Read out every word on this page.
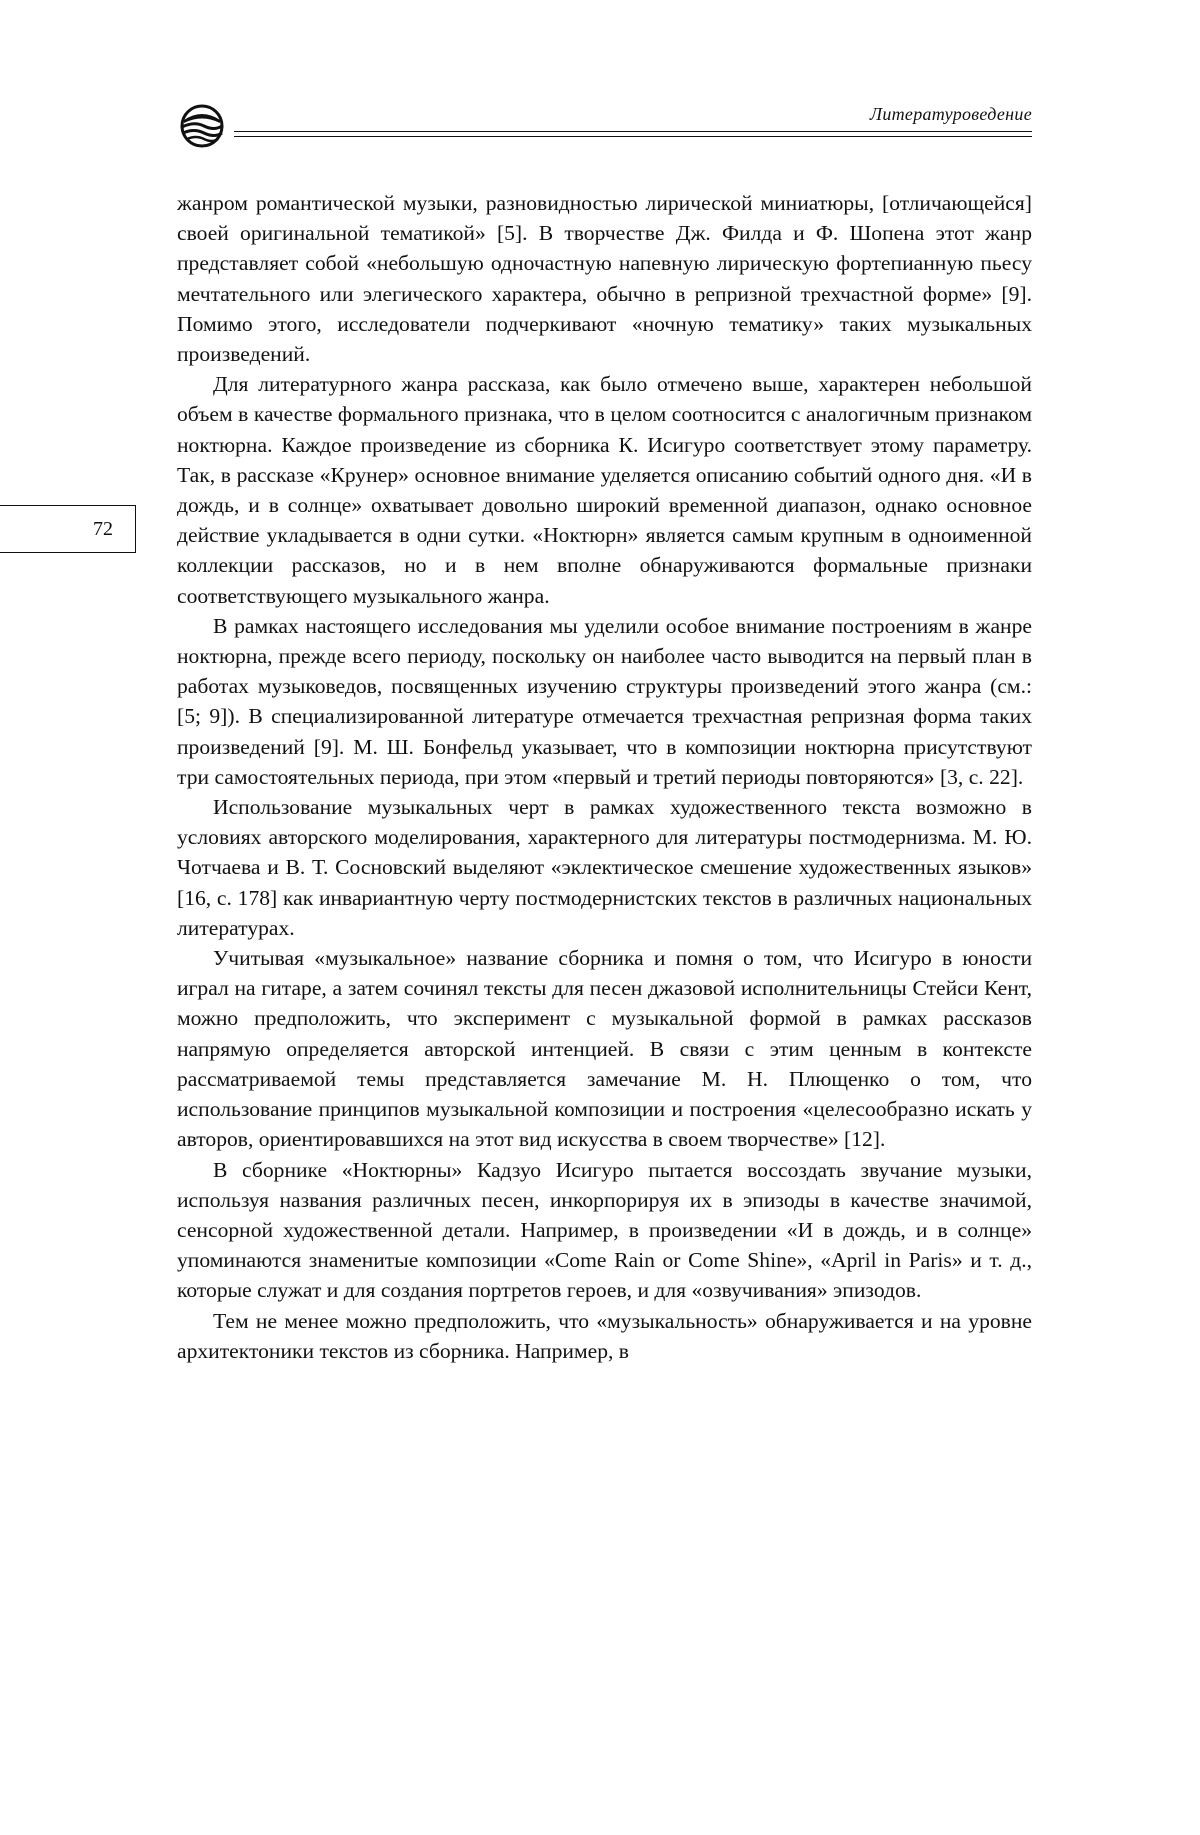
Литературоведение
72

жанром романтической музыки, разновидностью лирической миниатюры, [отличающейся] своей оригинальной тематикой» [5]. В творчестве Дж. Филда и Ф. Шопена этот жанр представляет собой «небольшую одночастную напевную лирическую фортепианную пьесу мечтательного или элегического характера, обычно в репризной трехчастной форме» [9]. Помимо этого, исследователи подчеркивают «ночную тематику» таких музыкальных произведений.

Для литературного жанра рассказа, как было отмечено выше, характерен небольшой объем в качестве формального признака, что в целом соотносится с аналогичным признаком ноктюрна. Каждое произведение из сборника К. Исигуро соответствует этому параметру. Так, в рассказе «Крунер» основное внимание уделяется описанию событий одного дня. «И в дождь, и в солнце» охватывает довольно широкий временной диапазон, однако основное действие укладывается в одни сутки. «Ноктюрн» является самым крупным в одноименной коллекции рассказов, но и в нем вполне обнаруживаются формальные признаки соответствующего музыкального жанра.

В рамках настоящего исследования мы уделили особое внимание построениям в жанре ноктюрна, прежде всего периоду, поскольку он наиболее часто выводится на первый план в работах музыковедов, посвященных изучению структуры произведений этого жанра (см.: [5; 9]). В специализированной литературе отмечается трехчастная репризная форма таких произведений [9]. М. Ш. Бонфельд указывает, что в композиции ноктюрна присутствуют три самостоятельных периода, при этом «первый и третий периоды повторяются» [3, с. 22].

Использование музыкальных черт в рамках художественного текста возможно в условиях авторского моделирования, характерного для литературы постмодернизма. М. Ю. Чотчаева и В. Т. Сосновский выделяют «эклектическое смешение художественных языков» [16, с. 178] как инвариантную черту постмодернистских текстов в различных национальных литературах.

Учитывая «музыкальное» название сборника и помня о том, что Исигуро в юности играл на гитаре, а затем сочинял тексты для песен джазовой исполнительницы Стейси Кент, можно предположить, что эксперимент с музыкальной формой в рамках рассказов напрямую определяется авторской интенцией. В связи с этим ценным в контексте рассматриваемой темы представляется замечание М. Н. Плющенко о том, что использование принципов музыкальной композиции и построения «целесообразно искать у авторов, ориентировавшихся на этот вид искусства в своем творчестве» [12].

В сборнике «Ноктюрны» Кадзуо Исигуро пытается воссоздать звучание музыки, используя названия различных песен, инкорпорируя их в эпизоды в качестве значимой, сенсорной художественной детали. Например, в произведении «И в дождь, и в солнце» упоминаются знаменитые композиции «Come Rain or Come Shine», «April in Paris» и т. д., которые служат и для создания портретов героев, и для «озвучивания» эпизодов.

Тем не менее можно предположить, что «музыкальность» обнаруживается и на уровне архитектоники текстов из сборника. Например, в
